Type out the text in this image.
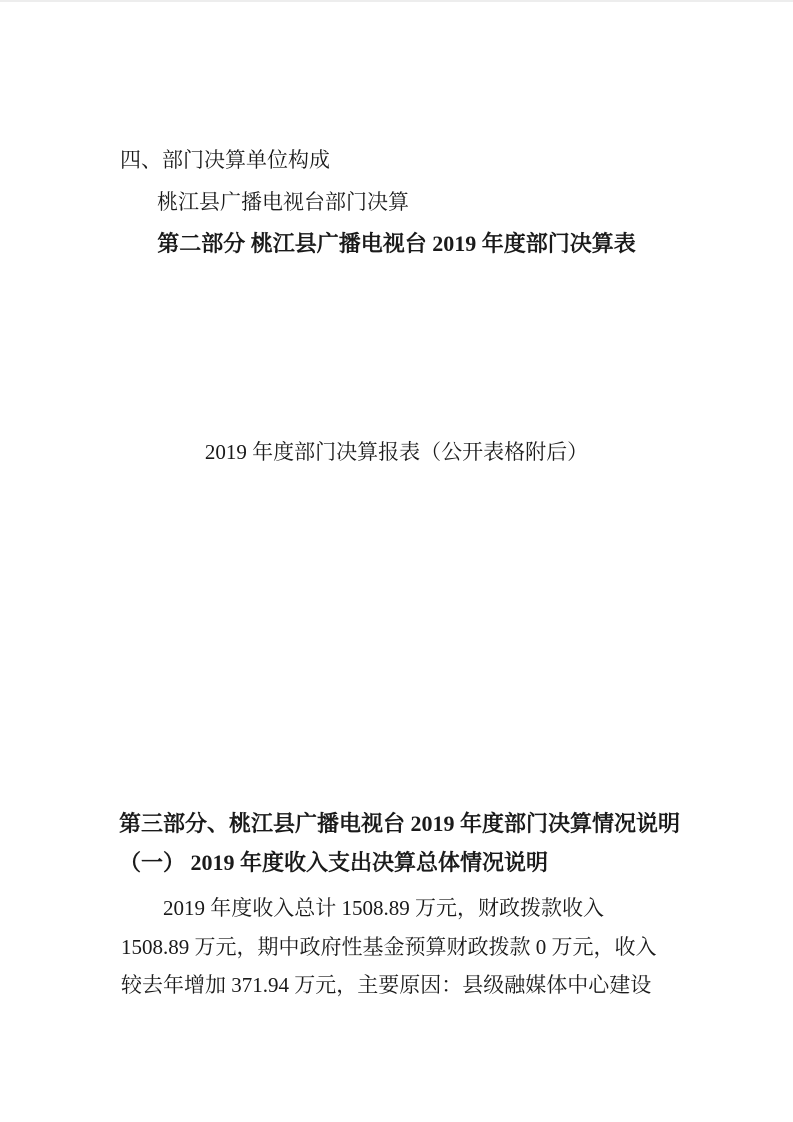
四、部门决算单位构成
桃江县广播电视台部门决算
第二部分 桃江县广播电视台 2019 年度部门决算表
2019 年度部门决算报表（公开表格附后）
第三部分、桃江县广播电视台 2019 年度部门决算情况说明
（一） 2019 年度收入支出决算总体情况说明
2019 年度收入总计 1508.89 万元，财政拨款收入
1508.89 万元，期中政府性基金预算财政拨款 0 万元，收入
较去年增加 371.94 万元，主要原因：县级融媒体中心建设
